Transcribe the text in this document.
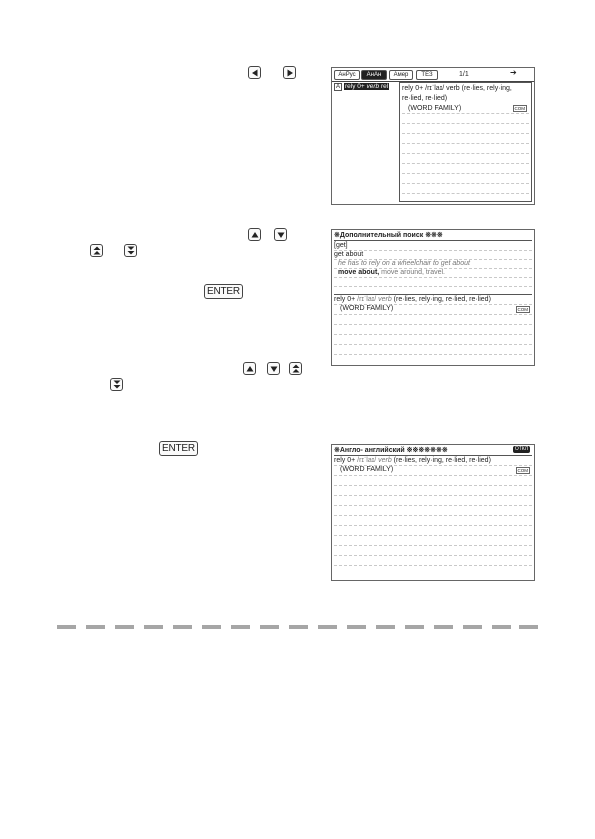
АнРус	АнАн	Амер	ТЕЗ	1/1	➔
A rely 0+ verb rel	rely 0+ /rɪˈlaɪ/ verb (re·lies, rely·ing,
re·lied, re·lied)
(WORD FAMILY)	COM
ENTER
※Дополнительный поиск ※※※
[get]
get about
he has to rely on a wheelchair to get about
move about, move around, travel.
rely 0+ /rɪˈlaɪ/ verb (re·lies, rely·ing, re·lied, re·lied)
(WORD FAMILY)	COM
ENTER	※Англо- английский ※※※※※※※	ОТКЛ
rely 0+ /rɪˈlaɪ/ verb (re·lies, rely·ing, re·lied, re·lied)
(WORD FAMILY)	COM
